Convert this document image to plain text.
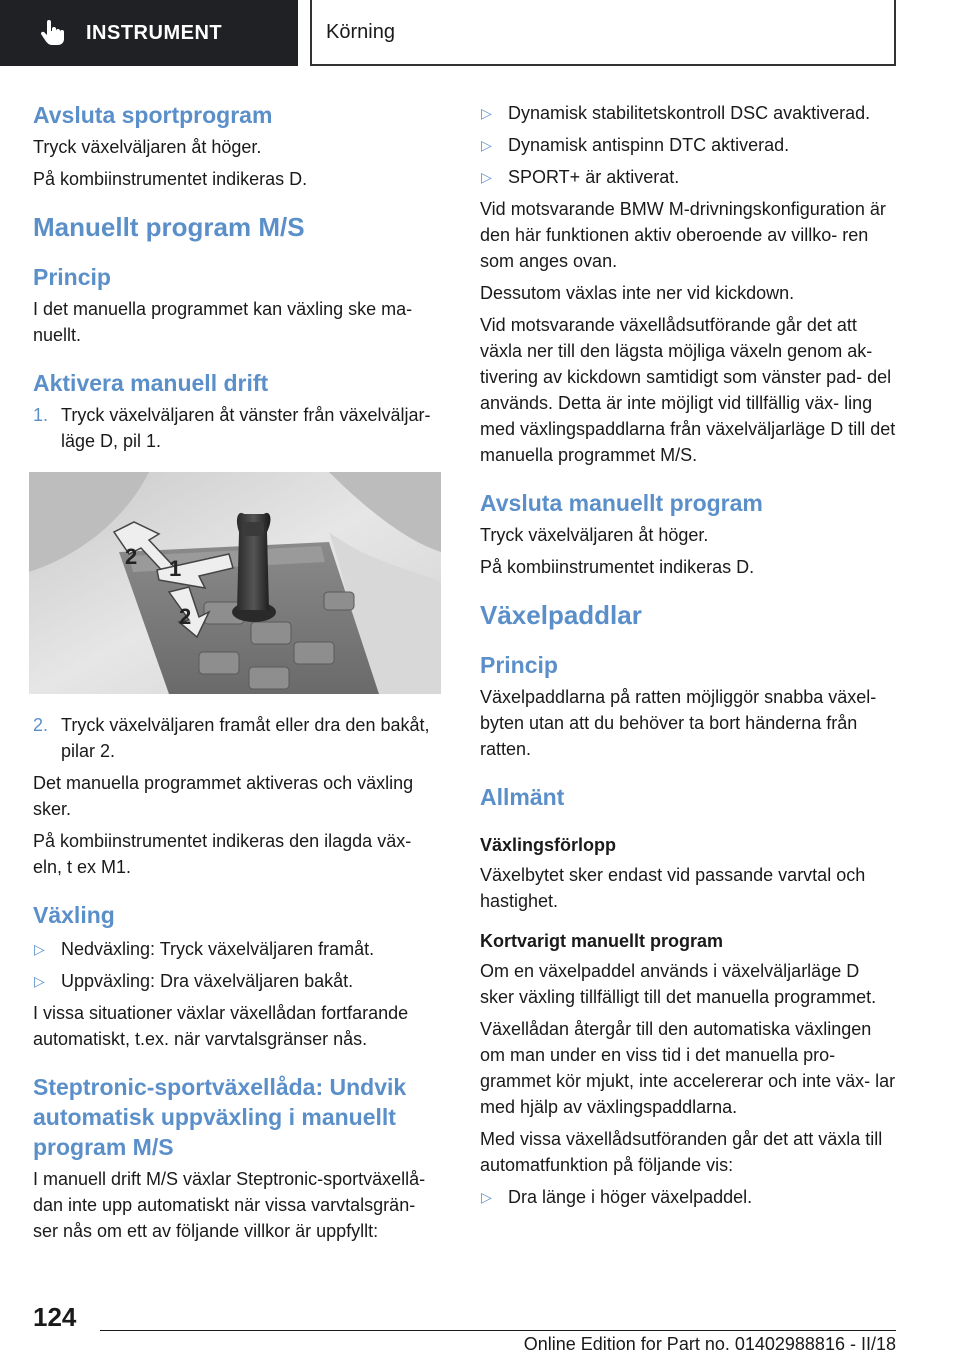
INSTRUMENT	Körning
Avsluta sportprogram

Tryck växelväljaren åt höger.

På kombiinstrumentet indikeras D.

Manuellt program M/S
Princip

I det manuella programmet kan växling ske ma‐ nuellt.

Aktivera manuell drift
1. Tryck växelväljaren åt vänster från växelväljar‐ läge D, pil 1.
2 1
2
2. Tryck växelväljaren framåt eller dra den bakåt, pilar 2.

Det manuella programmet aktiveras och växling sker.

På kombiinstrumentet indikeras den ilagda väx‐ eln, t ex M1.

Växling
▷ Nedväxling: Tryck växelväljaren framåt.
▷ Uppväxling: Dra växelväljaren bakåt.

I vissa situationer växlar växellådan fortfarande automatiskt, t.ex. när varvtalsgränser nås.

Steptronic-sportväxellåda: Undvik automatisk uppväxling i manuellt program M/S

I manuell drift M/S växlar Steptronic-sportväxellå‐ dan inte upp automatiskt när vissa varvtalsgrän‐ ser nås om ett av följande villkor är uppfyllt:

▷ Dynamisk stabilitetskontroll DSC avaktiverad.
▷ Dynamisk antispinn DTC aktiverad.
▷ SPORT+ är aktiverat.

Vid motsvarande BMW M-drivningskonfiguration är den här funktionen aktiv oberoende av villko‐ ren som anges ovan.

Dessutom växlas inte ner vid kickdown.

Vid motsvarande växellådsutförande går det att växla ner till den lägsta möjliga växeln genom ak‐ tivering av kickdown samtidigt som vänster pad‐ del används. Detta är inte möjligt vid tillfällig väx‐ ling med växlingspaddlarna från växelväljarläge D till det manuella programmet M/S.

Avsluta manuellt program

Tryck växelväljaren åt höger.

På kombiinstrumentet indikeras D.

Växelpaddlar
Princip

Växelpaddlarna på ratten möjliggör snabba växel‐ byten utan att du behöver ta bort händerna från ratten.

Allmänt
Växlingsförlopp

Växelbytet sker endast vid passande varvtal och hastighet.

Kortvarigt manuellt program

Om en växelpaddel används i växelväljarläge D sker växling tillfälligt till det manuella programmet.

Växellådan återgår till den automatiska växlingen om man under en viss tid i det manuella pro‐ grammet kör mjukt, inte accelererar och inte väx‐ lar med hjälp av växlingspaddlarna.

Med vissa växellådsutföranden går det att växla till automatfunktion på följande vis:

▷ Dra länge i höger växelpaddel.
124
Online Edition for Part no. 01402988816 - II/18
